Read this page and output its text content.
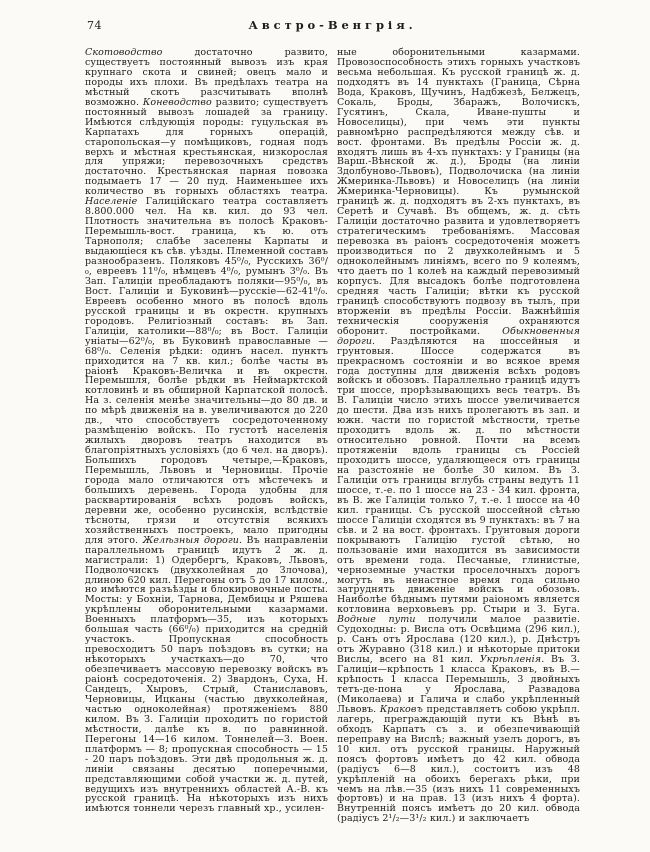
74	Австро-Венгрія.
Скотоводство достаточно развито, существуетъ постоянный вывозъ изъ края крупнаго скота и свиней; овецъ мало и породы ихъ плохи. Въ предѣлахъ театра на мѣстный скотъ разсчитывать вполнѣ возможно. Коневодство развито; существуетъ постоянный вывозъ лошадей за границу. Имѣются слѣдующія породы: гуцульская въ Карпатахъ для горныхъ операцій, старопольская—у помѣщиковъ, годная подъ верхъ и мѣстная крестьянская, низкорослая для упряжи; перевозочныхъ средствъ достаточно. Крестьянская парная повозка подымаетъ 17 — 20 пуд. Наименьшее ихъ количество въ горныхъ областяхъ театра. Населеніе Галиційскаго театра составляетъ 8.800.000 чел. На кв. кил. до 93 чел. Плотность значительна въ полосѣ Краковъ-Перемышль-вост. граница, къ ю. отъ Тарнополя; слабѣе заселены Карпаты и выдающіеся къ сѣв. уѣзды. Племенной составъ разнообразенъ. Поляковъ 45⁰/₀, Русскихъ 36⁰/₀, евреевъ 11⁰/₀, нѣмцевъ 4⁰/₀, румынъ 3⁰/₀. Въ Зап. Галиціи преобладаютъ поляки—95⁰/₀, въ Вост. Галиціи и Буковинѣ—русскіе—62-41⁰/₀. Евреевъ особенно много въ полосѣ вдоль русской границы и въ окрестн. крупныхъ городовъ. Религіозный составъ: въ Зап. Галиціи, католики—88⁰/₀; въ Вост. Галиціи уніаты—62⁰/₀, въ Буковинѣ православные — 68⁰/₀. Селенія рѣдки: одинъ насел. пунктъ приходится на 7 кв. кил.; болѣе часты въ раіонѣ Краковъ-Величка и въ окрестн. Перемышля, болѣе рѣдки въ Неймарктской котловинѣ и въ обширной Карпатской полосѣ. На з. селенія менѣе значительны—до 80 дв. и по мѣрѣ движенія на в. увеличиваются до 220 дв., что способствуетъ сосредоточенному размѣщенію войскъ. По густотѣ населенія жилыхъ дворовъ театръ находится въ благопріятныхъ условіяхъ (до 6 чел. на дворъ). Большихъ городовъ четыре,—Краковъ, Перемышль, Львовъ и Черновицы. Прочіе города мало отличаются отъ мѣстечекъ и большихъ деревень. Города удобны для расквартированія всѣхъ родовъ войскъ, деревни же, особенно русинскія, вслѣдствіе тѣсноты, грязи и отсутствія всякихъ хозяйственныхъ построекъ, мало пригодны для этого. Желѣзныя дороги. Въ направленіи параллельномъ границѣ идутъ 2 ж. д. магистрали: 1) Одербергъ, Краковъ, Львовъ, Подволочискъ (двухколейная до Злочова), длиною 620 кил. Перегоны отъ 5 до 17 килом., но имѣются разъѣзды и блокировочные посты. Мосты: у Бохніи, Тарнова, Дембицы и Ряшева укрѣплены оборонительными казармами. Военныхъ платформъ—35, изъ которыхъ большая часть (66⁰/₀) приходится на средній участокъ. Пропускная способность превосходитъ 50 паръ поѣздовъ въ сутки; на нѣкоторыхъ участкахъ—до 70, что обезпечиваетъ массовую перевозку войскъ въ раіонѣ сосредоточенія. 2) Звардонъ, Суха, Н. Сандецъ, Хыровъ, Стрый, Станиславовъ, Черновицы, Ицканы (частью двухколейная, частью одноколейная) протяженіемъ 880 килом. Въ З. Галиціи проходитъ по гористой мѣстности, далѣе къ в. по равнинной. Перегоны 14—16 килом. Тоннелей—3. Воен. платформъ — 8; пропускная способность — 15 - 20 паръ поѣздовъ. Эти двѣ продольныя ж. д. линіи связаны десятью поперечными, представляющими собой участки ж. д. путей, ведущихъ изъ внутреннихъ областей А.-В. къ русской границѣ. На нѣкоторыхъ изъ нихъ имѣются тоннели черезъ главный хр., усилен-
ные оборонительными казармами. Провозоспособность этихъ горныхъ участковъ весьма небольшая. Къ русской границѣ ж. д. подходятъ въ 14 пунктахъ (Граница, Сѣрна Вода, Краковъ, Щучинъ, Надбжезѣ, Белжецъ, Сокаль, Броды, Збаражъ, Волочискъ, Гусятинъ, Скала, Иване-пушты и Новоселицы), при чемъ эти пункты равномѣрно распредѣляются между сѣв. и вост. фронтами. Въ предѣлы Россіи ж. д. входятъ лишь въ 4-хъ пунктахъ: у Границы (на Варш.-Вѣнской ж. д.), Броды (на линіи Здолбуново-Львовъ), Подволочиска (на линіи Жмеринка-Львовъ) и Новоселицъ (на линіи Жмеринка-Черновицы). Къ румынской границѣ ж. д. подходятъ въ 2-хъ пунктахъ, въ Серетѣ и Сучавѣ. Въ общемъ, ж. д. сѣть Галиціи достаточно развита и удовлетворяетъ стратегическимъ требованіямъ. Массовая перевозка въ раіонъ сосредоточенія можетъ производиться по 2 двухколейнымъ и 5 одноколейнымъ линіямъ, всего по 9 колеямъ, что даетъ по 1 колеѣ на каждый перевозимый корпусъ. Для высадокъ болѣе подготовлена средняя часть Галиціи; вѣтки къ русской границѣ способствуютъ подвозу въ тылъ, при вторженіи въ предѣлы Россіи. Важнѣйшія техническія сооруженія охраняются оборонит. постройками. Обыкновенныя дороги. Раздѣляются на шоссейныя и грунтовыя. Шоссе содержатся въ прекрасномъ состояніи и во всякое время года доступны для движенія всѣхъ родовъ войскъ и обозовъ. Параллельно границѣ идутъ три шоссе, прорѣзывающихъ весь театръ. Въ В. Галиціи число этихъ шоссе увеличивается до шести. Два изъ нихъ пролегаютъ въ зап. и южн. части по гористой мѣстности, третье проходитъ вдоль ж. д. по мѣстности относительно ровной. Почти на всемъ протяженіи вдоль границы съ Россіей проходитъ шоссе, удаляющееся отъ границы на разстояніе не болѣе 30 килом. Въ З. Галиціи отъ границы вглубь страны ведутъ 11 шоссе, т.-е. по 1 шоссе на 23 - 34 кил. фронта, въ В. же Галиціи только 7, т.-е. 1 шоссе на 40 кил. границы. Съ русской шоссейной сѣтью шоссе Галиціи сходятся въ 9 пунктахъ: въ 7 на сѣв. и 2 на вост. фронтахъ. Грунтовыя дороги покрываютъ Галицію густой сѣтью, но пользованіе ими находится въ зависимости отъ времени года. Песчаные, глинистые, черноземные участки проселочныхъ дорогъ могутъ въ ненастное время года сильно затруднять движеніе войскъ и обозовъ. Наиболѣе бѣднымъ путями раіономъ является котловина верховьевъ рр. Стыри и З. Буга. Водные пути получили малое развитіе. Судоходны: р. Висла отъ Освѣцима (296 кил.), р. Санъ отъ Ярослава (120 кил.), р. Днѣстръ отъ Журавно (318 кил.) и нѣкоторые притоки Вислы, всего на 81 кил. Укрѣпленія. Въ З. Галиціи—крѣпость 1 класса Краковъ, въ В.—крѣпость 1 класса Перемышль, 3 двойныхъ тетъ-де-пона у Ярослава, Развадова (Миколаева) и Галича и слабо укрѣпленный Львовъ. Краковъ представляетъ собою укрѣпл. лагерь, преграждающій пути къ Вѣнѣ въ обходъ Карпатъ съ з. и обезпечивающій переправу на Вислѣ; важный узелъ дорогъ, въ 10 кил. отъ русской границы. Наружный поясъ фортовъ имѣетъ до 42 кил. обвода (радіусъ 6—8 кил.), состоитъ изъ 48 укрѣпленій на обоихъ берегахъ рѣки, при чемъ на лѣв.—35 (изъ нихъ 11 современныхъ фортовъ) и на прав. 13 (изъ нихъ 4 форта). Внутренній поясъ имѣетъ до 20 кил. обвода (радіусъ 2¹/₂—3¹/₂ кил.) и заключаетъ
